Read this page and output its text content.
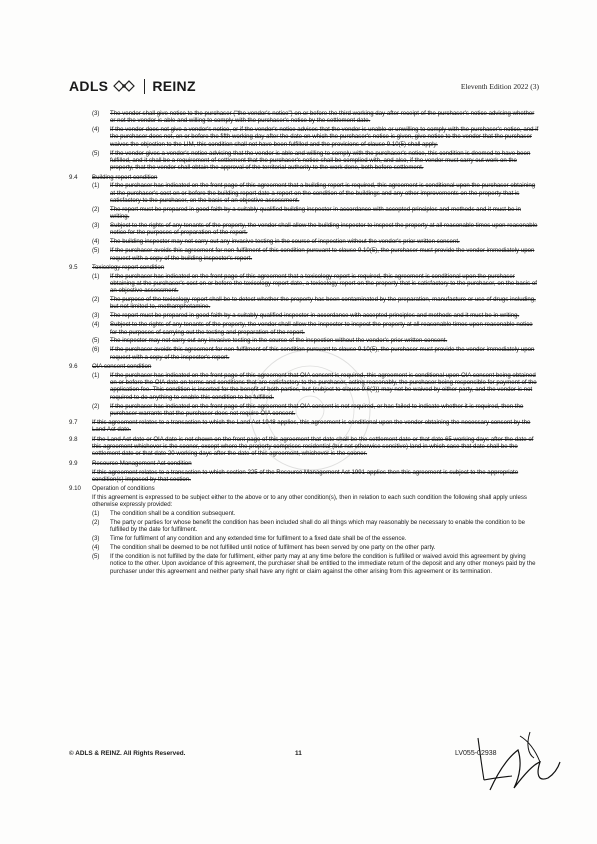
ADLS	REINZ	Eleventh Edition 2022 (3)
(3)	The vendor shall give notice to the purchaser ("the vendor's notice") on or before the third working day after receipt of the purchaser's notice advising whether or not the vendor is able and willing to comply with the purchaser's notice by the settlement date.
(4)	If the vendor does not give a vendor's notice, or if the vendor's notice advises that the vendor is unable or unwilling to comply with the purchaser's notice, and if the purchaser does not, on or before the fifth working day after the date on which the purchaser's notice is given, give notice to the vendor that the purchaser waives the objection to the LIM, this condition shall not have been fulfilled and the provisions of clause 9.10(5) shall apply.
(5)	If the vendor gives a vendor's notice advising that the vendor is able and willing to comply with the purchaser's notice, this condition is deemed to have been fulfilled, and it shall be a requirement of settlement that the purchaser's notice shall be complied with, and also, if the vendor must carry out work on the property, that the vendor shall obtain the approval of the territorial authority to the work done, both before settlement.
9.4	Building report condition
(1)	If the purchaser has indicated on the front page of this agreement that a building report is required, this agreement is conditional upon the purchaser obtaining at the purchaser's cost on or before the building report date a report on the condition of the buildings and any other improvements on the property that is satisfactory to the purchaser, on the basis of an objective assessment.
(2)	The report must be prepared in good faith by a suitably qualified building inspector in accordance with accepted principles and methods and it must be in writing.
(3)	Subject to the rights of any tenants of the property, the vendor shall allow the building inspector to inspect the property at all reasonable times upon reasonable notice for the purposes of preparation of the report.
(4)	The building inspector may not carry out any invasive testing in the course of inspection without the vendor's prior written consent.
(5)	If the purchaser avoids this agreement for non-fulfilment of this condition pursuant to clause 9.10(5), the purchaser must provide the vendor immediately upon request with a copy of the building inspector's report.
9.5	Toxicology report condition
(1)	If the purchaser has indicated on the front page of this agreement that a toxicology report is required, this agreement is conditional upon the purchaser obtaining at the purchaser's cost on or before the toxicology report date, a toxicology report on the property that is satisfactory to the purchaser, on the basis of an objective assessment.
(2)	The purpose of the toxicology report shall be to detect whether the property has been contaminated by the preparation, manufacture or use of drugs including, but not limited to, methamphetamine.
(3)	The report must be prepared in good faith by a suitably qualified inspector in accordance with accepted principles and methods and it must be in writing.
(4)	Subject to the rights of any tenants of the property, the vendor shall allow the inspector to inspect the property at all reasonable times upon reasonable notice for the purposes of carrying out the testing and preparation of the report.
(5)	The inspector may not carry out any invasive testing in the course of the inspection without the vendor's prior written consent.
(6)	If the purchaser avoids this agreement for non-fulfilment of this condition pursuant to clause 9.10(5), the purchaser must provide the vendor immediately upon request with a copy of the inspector's report.
9.6	OIA consent condition
(1)	If the purchaser has indicated on the front page of this agreement that OIA consent is required, this agreement is conditional upon OIA consent being obtained on or before the OIA date on terms and conditions that are satisfactory to the purchaser, acting reasonably, the purchaser being responsible for payment of the application fee. This condition is inserted for the benefit of both parties, but (subject to clause 9.6(2)) may not be waived by either party, and the vendor is not required to do anything to enable this condition to be fulfilled.
(2)	If the purchaser has indicated on the front page of this agreement that OIA consent is not required, or has failed to indicate whether it is required, then the purchaser warrants that the purchaser does not require OIA consent.
9.7	If this agreement relates to a transaction to which the Land Act 1948 applies, this agreement is conditional upon the vendor obtaining the necessary consent by the Land Act date.
9.8	If the Land Act date or OIA date is not shown on the front page of this agreement that date shall be the settlement date or that date 65 working days after the date of this agreement whichever is the sooner, except where the property comprises residential (but not otherwise sensitive) land in which case that date shall be the settlement date or that date 20 working days after the date of this agreement, whichever is the sooner.
9.9	Resource Management Act condition
If this agreement relates to a transaction to which section 225 of the Resource Management Act 1991 applies then this agreement is subject to the appropriate condition(s) imposed by that section.
9.10	Operation of conditions
If this agreement is expressed to be subject either to the above or to any other condition(s), then in relation to each such condition the following shall apply unless otherwise expressly provided:
(1)	The condition shall be a condition subsequent.
(2)	The party or parties for whose benefit the condition has been included shall do all things which may reasonably be necessary to enable the condition to be fulfilled by the date for fulfilment.
(3)	Time for fulfilment of any condition and any extended time for fulfilment to a fixed date shall be of the essence.
(4)	The condition shall be deemed to be not fulfilled until notice of fulfilment has been served by one party on the other party.
(5)	If the condition is not fulfilled by the date for fulfilment, either party may at any time before the condition is fulfilled or waived avoid this agreement by giving notice to the other. Upon avoidance of this agreement, the purchaser shall be entitled to the immediate return of the deposit and any other moneys paid by the purchaser under this agreement and neither party shall have any right or claim against the other arising from this agreement or its termination.
© ADLS & REINZ. All Rights Reserved.	11	LV055-02938
